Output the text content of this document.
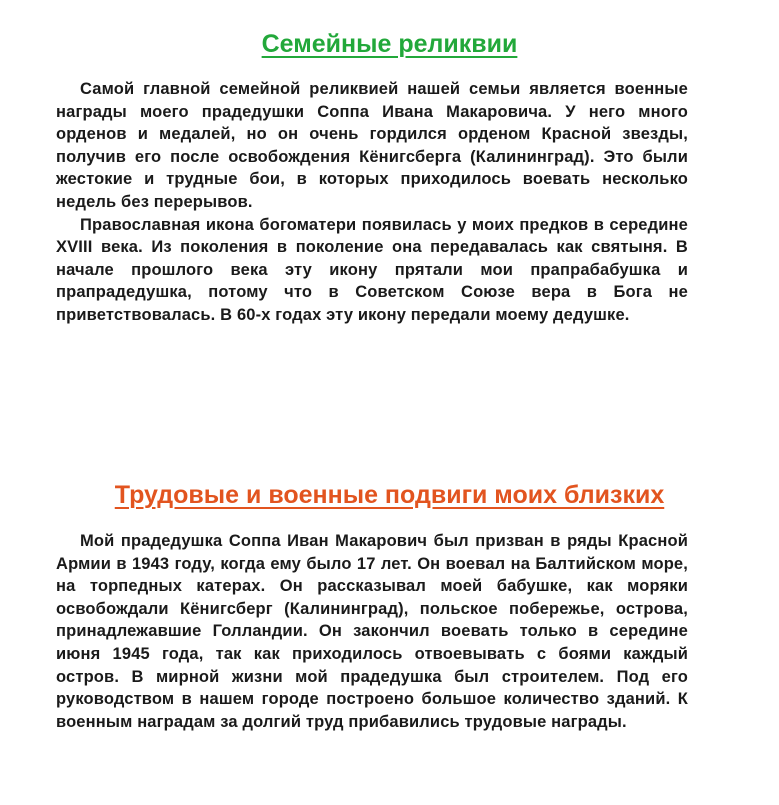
Семейные реликвии

Самой главной семейной реликвией нашей семьи является военные награды моего прадедушки Соппа Ивана Макаровича. У него много орденов и медалей, но он очень гордился орденом Красной звезды, получив его после освобождения Кёнигсберга (Калининград). Это были жестокие и трудные бои, в которых приходилось воевать несколько недель без перерывов.

Православная икона богоматери появилась у моих предков в середине XVIII века. Из поколения в поколение она передавалась как святыня. В начале прошлого века эту икону прятали мои прапрабабушка и прапрадедушка, потому что в Советском Союзе вера в Бога не приветствовалась. В 60-х годах эту икону передали моему дедушке.

Трудовые и военные подвиги моих близких

Мой прадедушка Соппа Иван Макарович был призван в ряды Красной Армии в 1943 году, когда ему было 17 лет. Он воевал на Балтийском море, на торпедных катерах. Он рассказывал моей бабушке, как моряки освобождали Кёнигсберг (Калининград), польское побережье, острова, принадлежавшие Голландии. Он закончил воевать только в середине июня 1945 года, так как приходилось отвоевывать с боями каждый остров. В мирной жизни мой прадедушка был строителем. Под его руководством в нашем городе построено большое количество зданий. К военным наградам за долгий труд прибавились трудовые награды.
